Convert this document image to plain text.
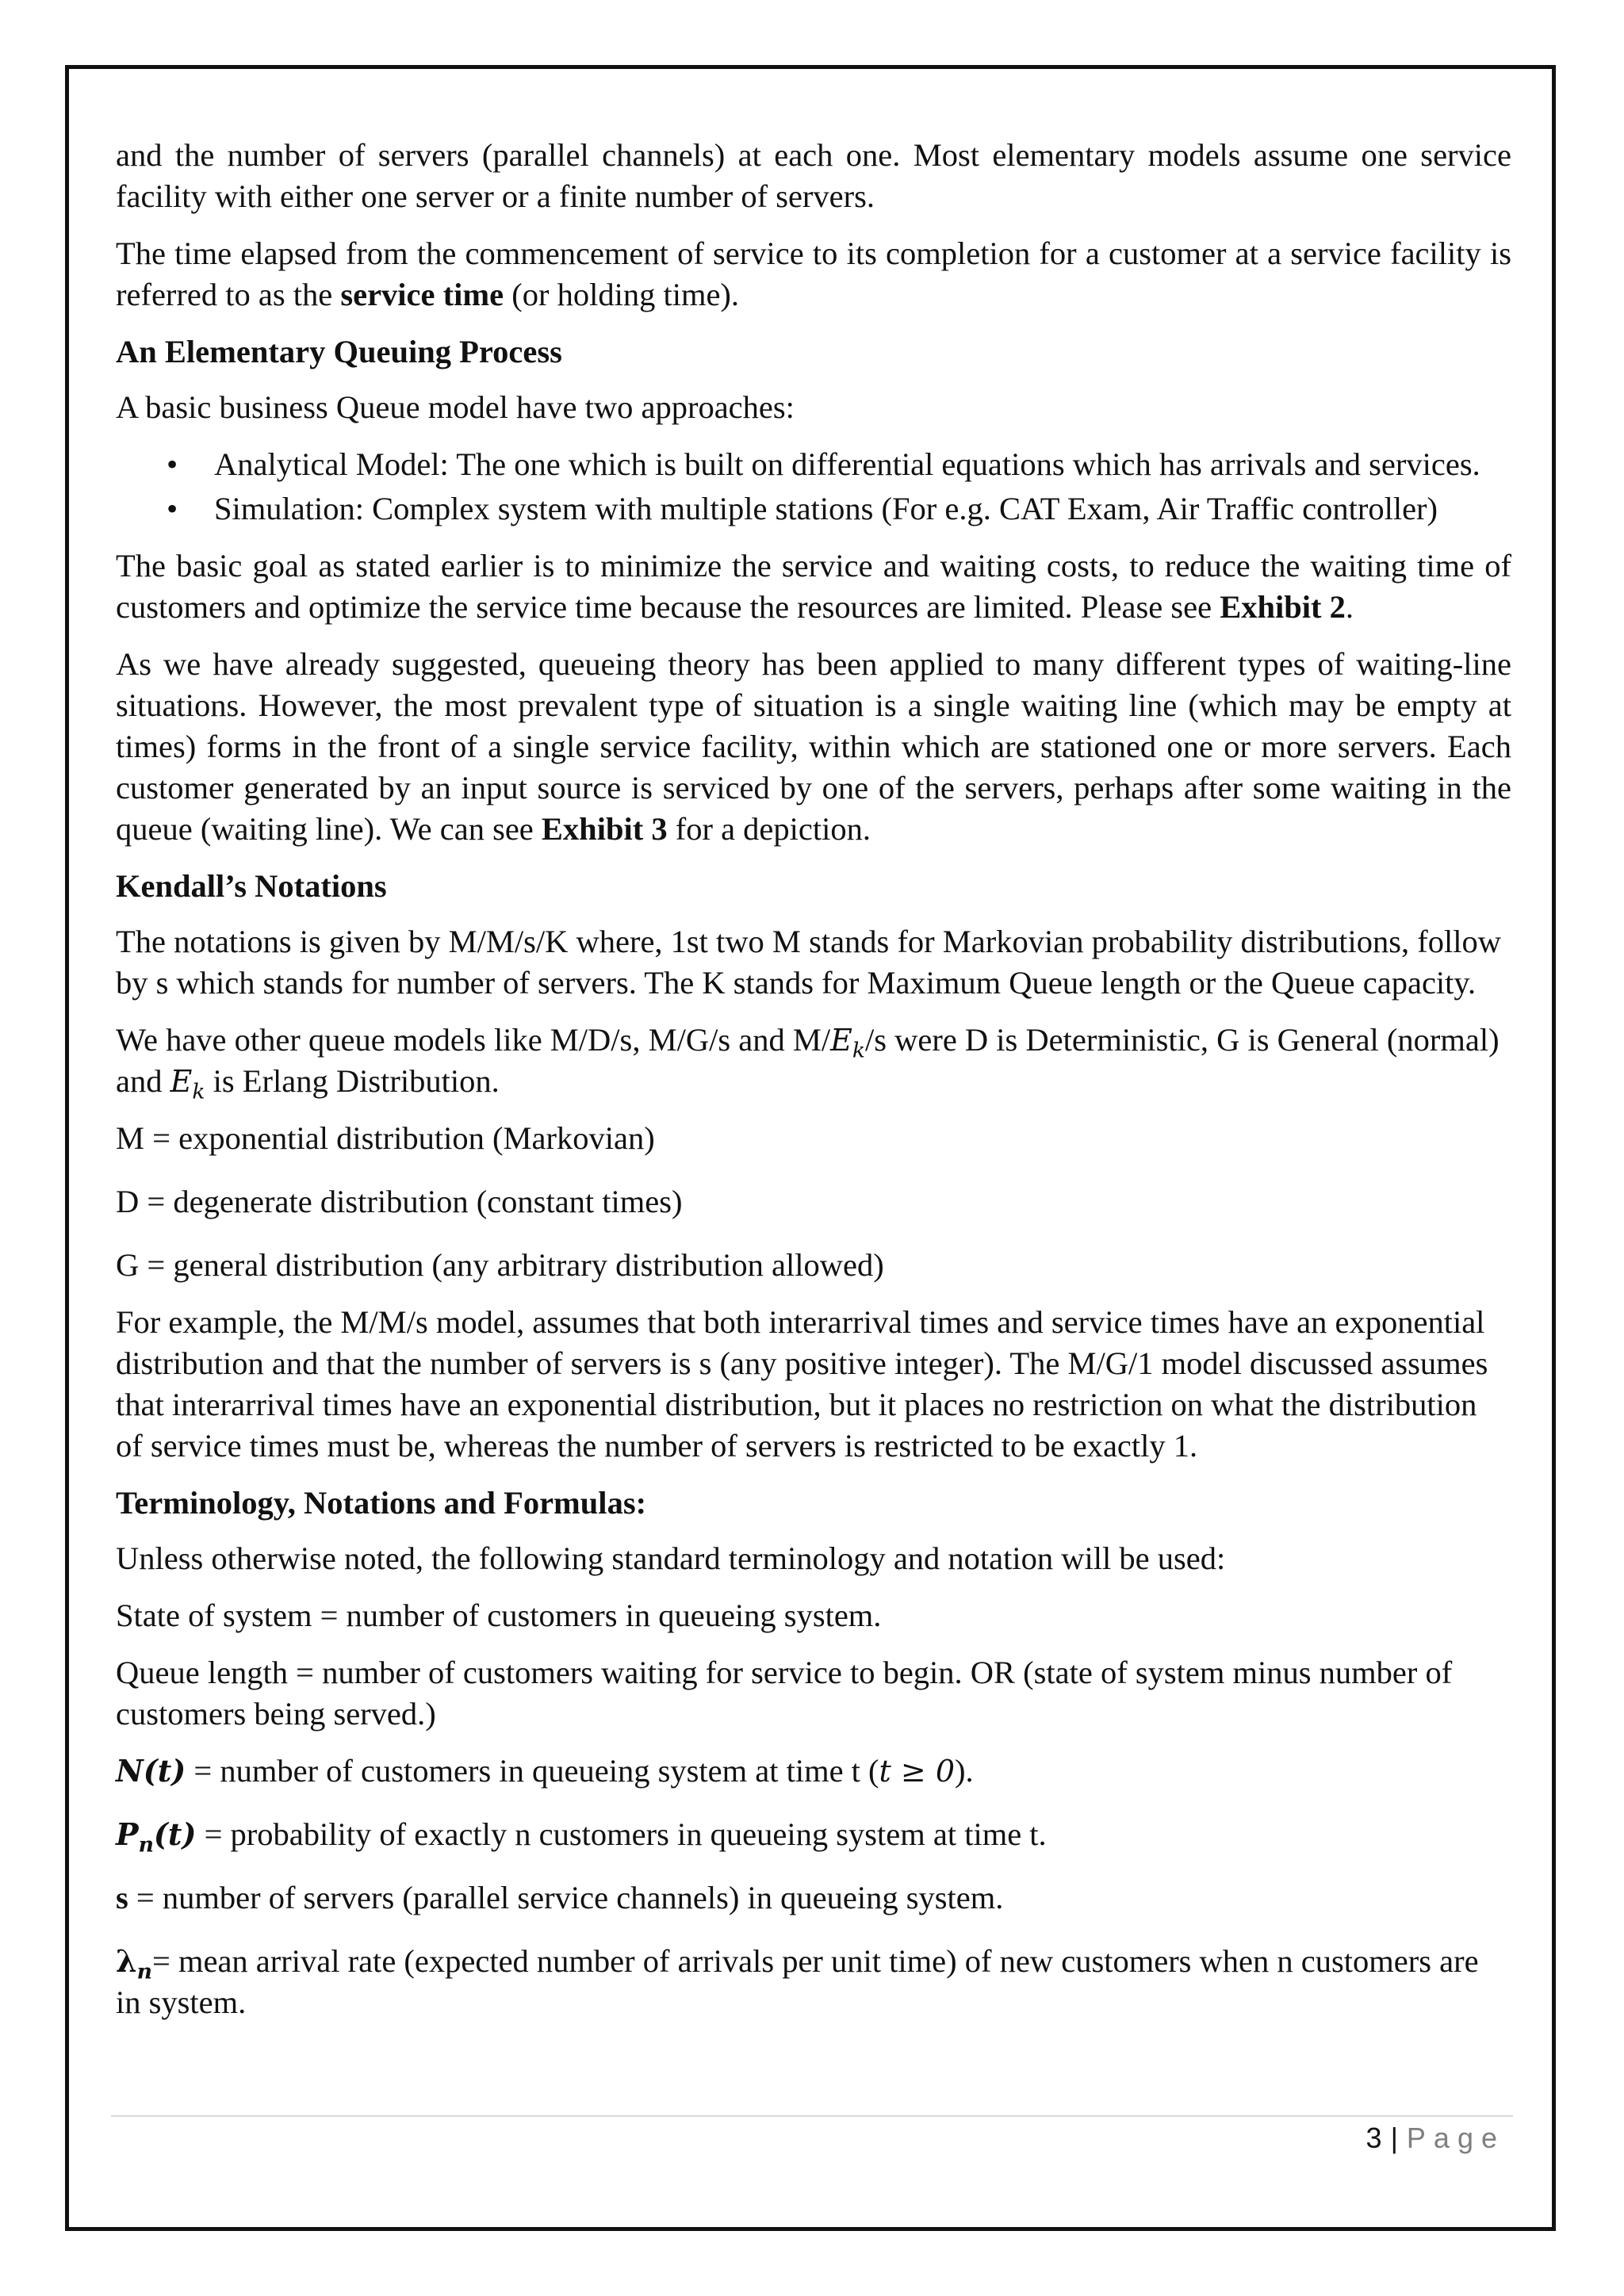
and the number of servers (parallel channels) at each one. Most elementary models assume one service facility with either one server or a finite number of servers.

The time elapsed from the commencement of service to its completion for a customer at a service facility is referred to as the service time (or holding time).

An Elementary Queuing Process

A basic business Queue model have two approaches:

• Analytical Model: The one which is built on differential equations which has arrivals and services.
• Simulation: Complex system with multiple stations (For e.g. CAT Exam, Air Traffic controller)

The basic goal as stated earlier is to minimize the service and waiting costs, to reduce the waiting time of customers and optimize the service time because the resources are limited. Please see Exhibit 2.

As we have already suggested, queueing theory has been applied to many different types of waiting-line situations. However, the most prevalent type of situation is a single waiting line (which may be empty at times) forms in the front of a single service facility, within which are stationed one or more servers. Each customer generated by an input source is serviced by one of the servers, perhaps after some waiting in the queue (waiting line). We can see Exhibit 3 for a depiction.

Kendall’s Notations

The notations is given by M/M/s/K where, 1st two M stands for Markovian probability distributions, follow by s which stands for number of servers. The K stands for Maximum Queue length or the Queue capacity.

We have other queue models like M/D/s, M/G/s and $M/E_k/s$ were D is Deterministic, G is General (normal) and $E_k$ is Erlang Distribution.

M = exponential distribution (Markovian)

D = degenerate distribution (constant times)

G = general distribution (any arbitrary distribution allowed)

For example, the M/M/s model, assumes that both interarrival times and service times have an exponential distribution and that the number of servers is s (any positive integer). The M/G/1 model discussed assumes that interarrival times have an exponential distribution, but it places no restriction on what the distribution of service times must be, whereas the number of servers is restricted to be exactly 1.

Terminology, Notations and Formulas:

Unless otherwise noted, the following standard terminology and notation will be used:

State of system = number of customers in queueing system.

Queue length = number of customers waiting for service to begin. OR (state of system minus number of customers being served.)

N(t) = number of customers in queueing system at time t (t ≥ 0).

$P_n(t)$ = probability of exactly n customers in queueing system at time t.

s = number of servers (parallel service channels) in queueing system.

$\lambda_n=$ mean arrival rate (expected number of arrivals per unit time) of new customers when n customers are in system.

3 | Page
